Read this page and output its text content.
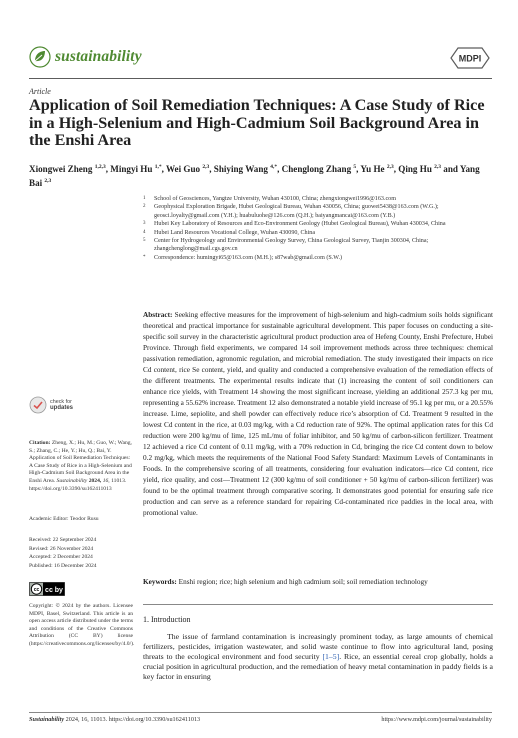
sustainability	MDPI
Article
Application of Soil Remediation Techniques: A Case Study of Rice in a High-Selenium and High-Cadmium Soil Background Area in the Enshi Area
Xiongwei Zheng $^{1,2,3}$, Mingyi Hu $^{1,*}$, Wei Guo $^{2,3}$, Shiying Wang $^{4,*}$, Chenglong Zhang $^5$, Yu He $^{2,3}$, Qing Hu $^{2,3}$ and Yang Bai $^{2,3}$
1	School of Geosciences, Yangtze University, Wuhan 430100, China; zhengxiongwei1996@163.com
2	Geophysical Exploration Brigade, Hubei Geological Bureau, Wuhan 430056, China; guowei5438@163.com (W.G.); geosci.loyalty@gmail.com (Y.H.); huabuluohe@126.com (Q.H.); baiyangmancai@163.com (Y.B.)
3	Hubei Key Laboratory of Resources and Eco-Environment Geology (Hubei Geological Bureau), Wuhan 430034, China
4	Hubei Land Resources Vocational College, Wuhan 430090, China
5	Center for Hydrogeology and Environmental Geology Survey, China Geological Survey, Tianjin 300304, China; zhangchenglong@mail.cgs.gov.cn
*	Correspondence: humingyi65@163.com (M.H.); s87wab@gmail.com (S.W.)
Abstract: Seeking effective measures for the improvement of high-selenium and high-cadmium soils holds significant theoretical and practical importance for sustainable agricultural development. This paper focuses on conducting a site-specific soil survey in the characteristic agricultural product production area of Hefeng County, Enshi Prefecture, Hubei Province. Through field experiments, we compared 14 soil improvement methods across three techniques: chemical passivation remediation, agronomic regulation, and microbial remediation. The study investigated their impacts on rice Cd content, rice Se content, yield, and quality and conducted a comprehensive evaluation of the remediation effects of the different treatments. The experimental results indicate that (1) increasing the content of soil conditioners can enhance rice yields, with Treatment 14 showing the most significant increase, yielding an additional 257.3 kg per mu, representing a 55.62% increase. Treatment 12 also demonstrated a notable yield increase of 95.1 kg per mu, or a 20.55% increase. Lime, sepiolite, and shell powder can effectively reduce rice’s absorption of Cd. Treatment 9 resulted in the lowest Cd content in the rice, at 0.03 mg/kg, with a Cd reduction rate of 92%. The optimal application rates for this Cd reduction were 200 kg/mu of lime, 125 mL/mu of foliar inhibitor, and 50 kg/mu of carbon-silicon fertilizer. Treatment 12 achieved a rice Cd content of 0.11 mg/kg, with a 70% reduction in Cd, bringing the rice Cd content down to below 0.2 mg/kg, which meets the requirements of the National Food Safety Standard: Maximum Levels of Contaminants in Foods. In the comprehensive scoring of all treatments, considering four evaluation indicators—rice Cd content, rice yield, rice quality, and cost—Treatment 12 (300 kg/mu of soil conditioner + 50 kg/mu of carbon-silicon fertilizer) was found to be the optimal treatment through comparative scoring. It demonstrates good potential for ensuring safe rice production and can serve as a reference standard for repairing Cd-contaminated rice paddies in the local area, with promotional value.
Keywords: Enshi region; rice; high selenium and high cadmium soil; soil remediation technology
check for
updates
Citation: Zheng, X.; Hu, M.; Guo, W.; Wang, S.; Zhang, C.; He, Y.; Hu, Q.; Bai, Y. Application of Soil Remediation Techniques: A Case Study of Rice in a High-Selenium and High-Cadmium Soil Background Area in the Enshi Area. Sustainability 2024, 16, 11013. https://doi.org/10.3390/su162411013
Academic Editor: Teodor Rusu
Received: 22 September 2024
Revised: 26 November 2024
Accepted: 2 December 2024
Published: 16 December 2024
cc cc by
Copyright: © 2024 by the authors. Licensee MDPI, Basel, Switzerland. This article is an open access article distributed under the terms and conditions of the Creative Commons Attribution (CC BY) license (https://creativecommons.org/licenses/by/4.0/).
1. Introduction

The issue of farmland contamination is increasingly prominent today, as large amounts of chemical fertilizers, pesticides, irrigation wastewater, and solid waste continue to flow into agricultural land, posing threats to the ecological environment and food security [1–5]. Rice, an essential cereal crop globally, holds a crucial position in agricultural production, and the remediation of heavy metal contamination in paddy fields is a key factor in ensuring

Sustainability 2024, 16, 11013. https://doi.org/10.3390/su162411013	https://www.mdpi.com/journal/sustainability
